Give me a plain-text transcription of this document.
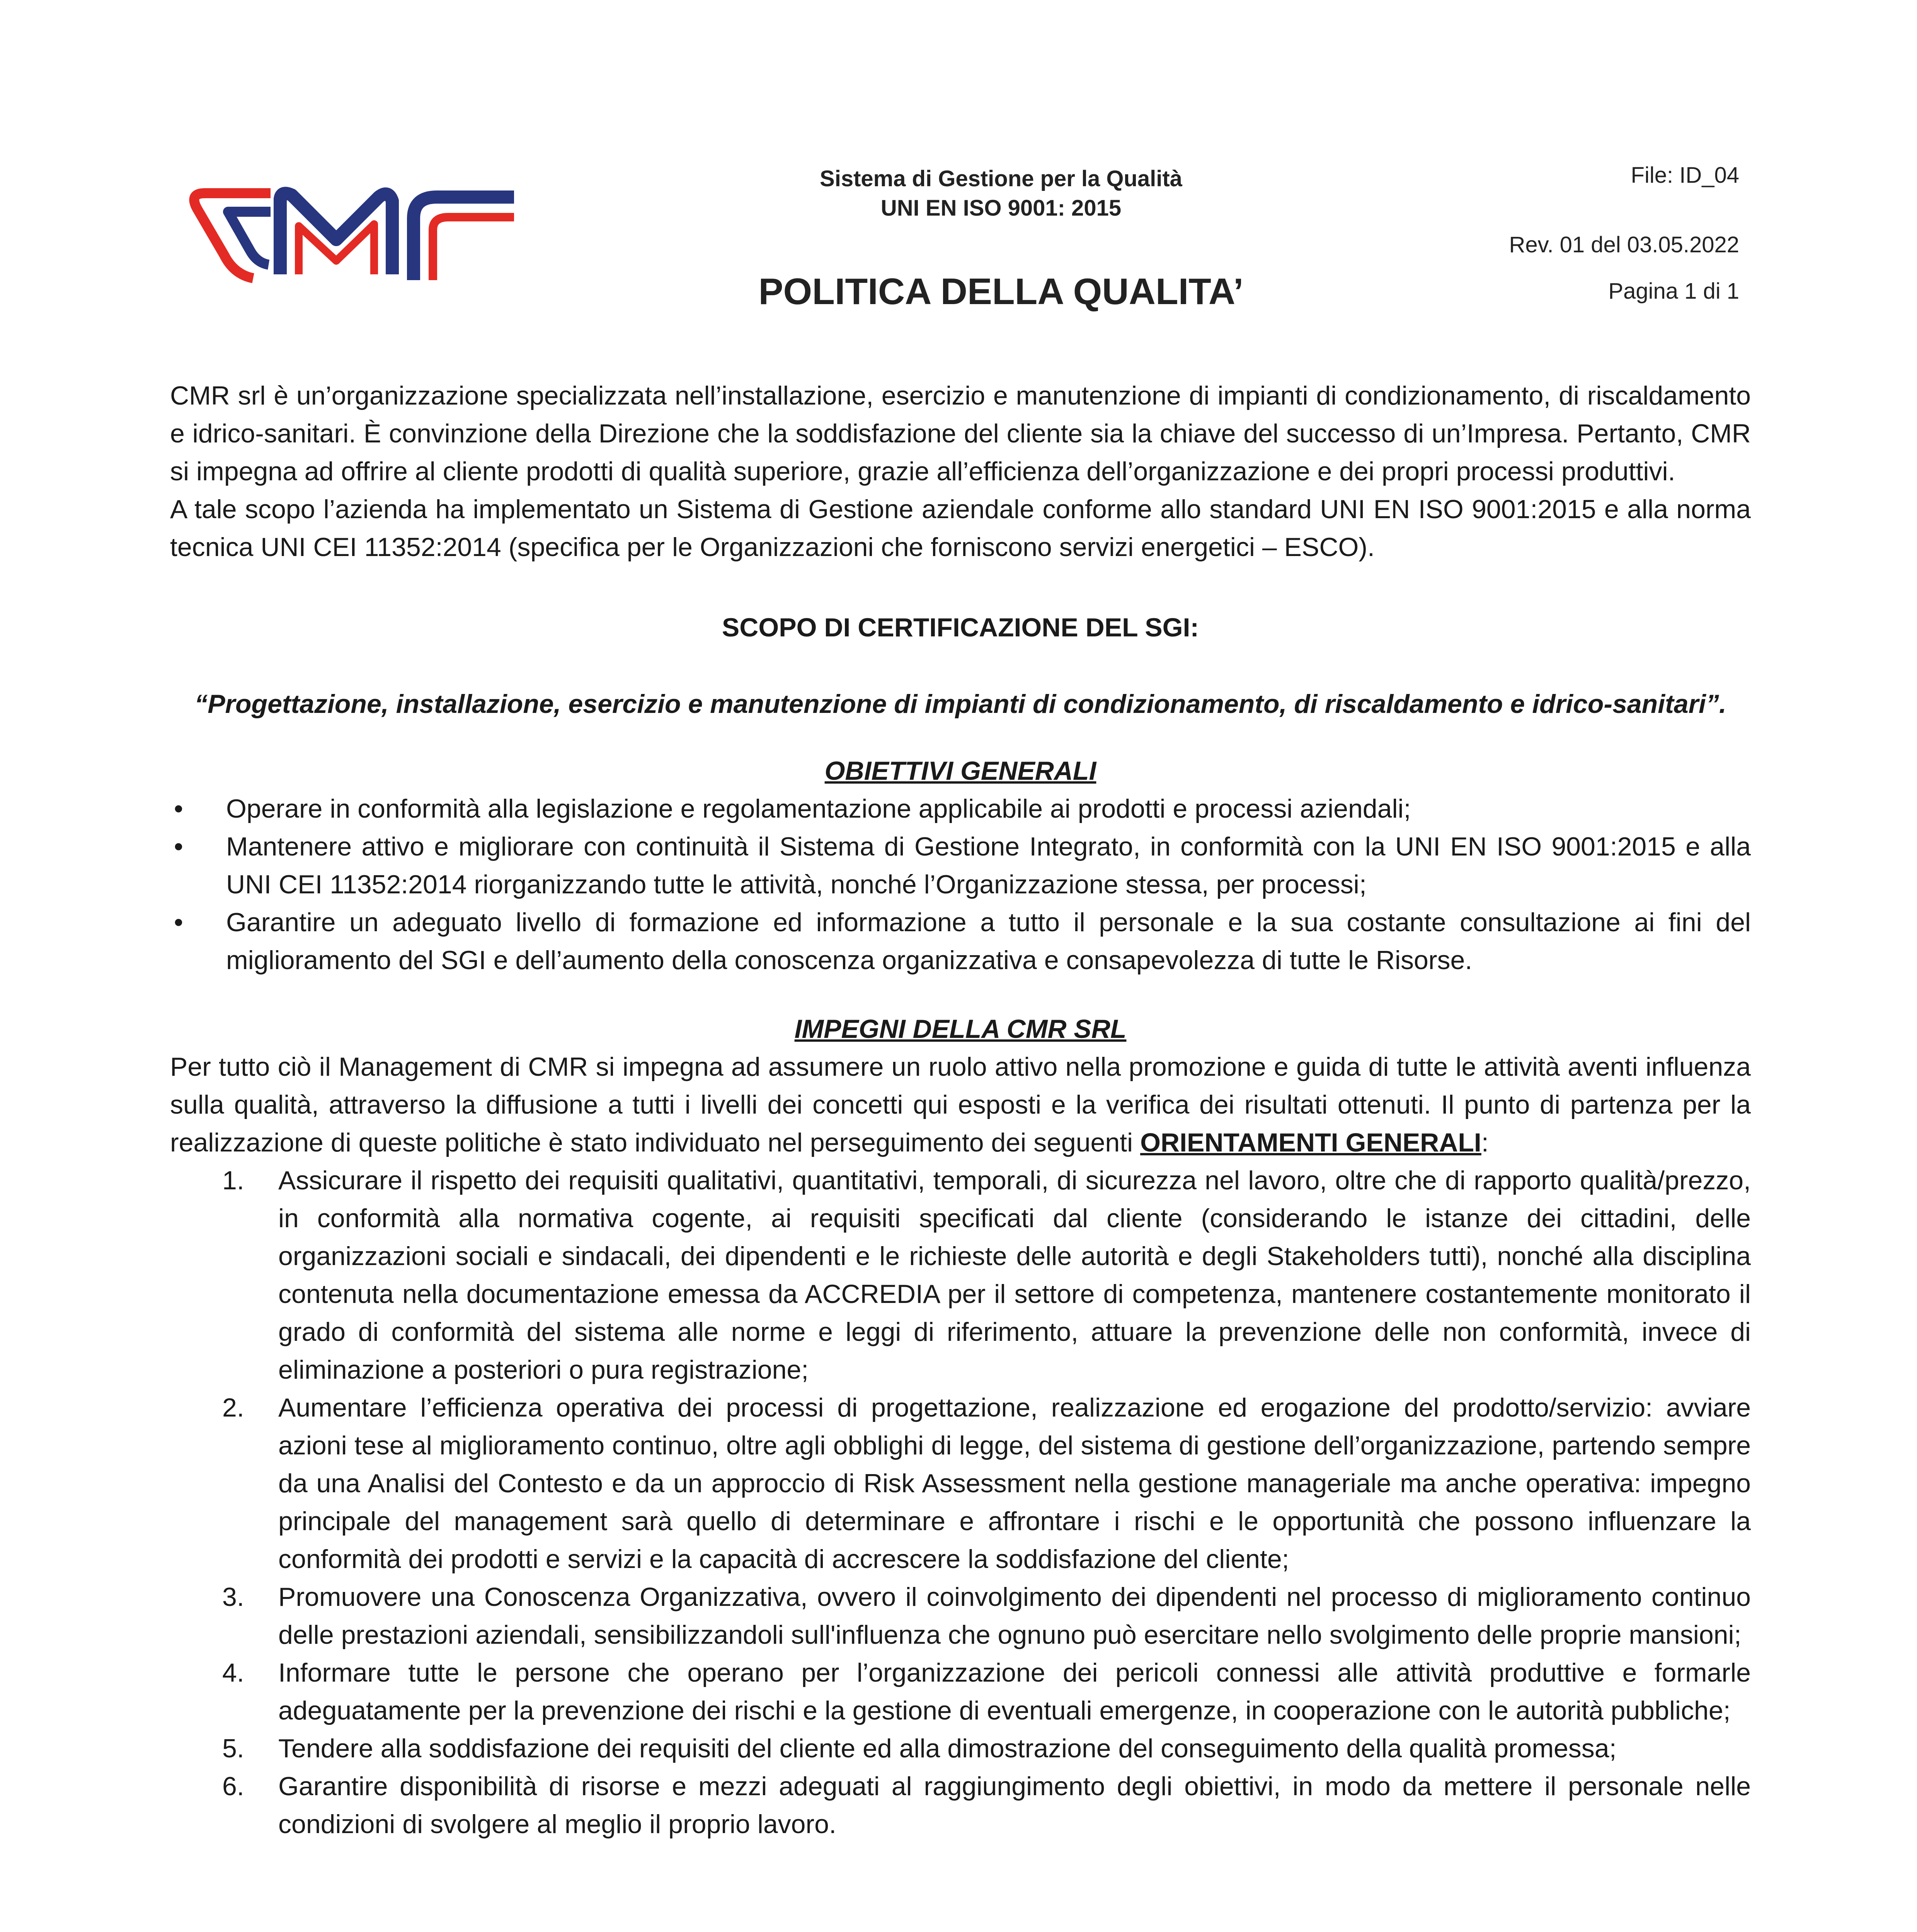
Sistema di Gestione per la Qualità
UNI EN ISO 9001: 2015
POLITICA DELLA QUALITA’
File: ID_04
Rev. 01 del 03.05.2022
Pagina 1 di 1

CMR srl è un’organizzazione specializzata nell’installazione, esercizio e manutenzione di impianti di condizionamento, di riscaldamento e idrico-sanitari. È convinzione della Direzione che la soddisfazione del cliente sia la chiave del successo di un’Impresa. Pertanto, CMR si impegna ad offrire al cliente prodotti di qualità superiore, grazie all’efficienza dell’organizzazione e dei propri processi produttivi.

A tale scopo l’azienda ha implementato un Sistema di Gestione aziendale conforme allo standard UNI EN ISO 9001:2015 e alla norma tecnica UNI CEI 11352:2014 (specifica per le Organizzazioni che forniscono servizi energetici – ESCO).

SCOPO DI CERTIFICAZIONE DEL SGI:

“Progettazione, installazione, esercizio e manutenzione di impianti di condizionamento, di riscaldamento e idrico-sanitari”.

OBIETTIVI GENERALI

• Operare in conformità alla legislazione e regolamentazione applicabile ai prodotti e processi aziendali;
• Mantenere attivo e migliorare con continuità il Sistema di Gestione Integrato, in conformità con la UNI EN ISO 9001:2015 e alla UNI CEI 11352:2014 riorganizzando tutte le attività, nonché l’Organizzazione stessa, per processi;
• Garantire un adeguato livello di formazione ed informazione a tutto il personale e la sua costante consultazione ai fini del miglioramento del SGI e dell’aumento della conoscenza organizzativa e consapevolezza di tutte le Risorse.

IMPEGNI DELLA CMR SRL

Per tutto ciò il Management di CMR si impegna ad assumere un ruolo attivo nella promozione e guida di tutte le attività aventi influenza sulla qualità, attraverso la diffusione a tutti i livelli dei concetti qui esposti e la verifica dei risultati ottenuti. Il punto di partenza per la realizzazione di queste politiche è stato individuato nel perseguimento dei seguenti ORIENTAMENTI GENERALI:

1. Assicurare il rispetto dei requisiti qualitativi, quantitativi, temporali, di sicurezza nel lavoro, oltre che di rapporto qualità/prezzo, in conformità alla normativa cogente, ai requisiti specificati dal cliente (considerando le istanze dei cittadini, delle organizzazioni sociali e sindacali, dei dipendenti e le richieste delle autorità e degli Stakeholders tutti), nonché alla disciplina contenuta nella documentazione emessa da ACCREDIA per il settore di competenza, mantenere costantemente monitorato il grado di conformità del sistema alle norme e leggi di riferimento, attuare la prevenzione delle non conformità, invece di eliminazione a posteriori o pura registrazione;
2. Aumentare l’efficienza operativa dei processi di progettazione, realizzazione ed erogazione del prodotto/servizio: avviare azioni tese al miglioramento continuo, oltre agli obblighi di legge, del sistema di gestione dell’organizzazione, partendo sempre da una Analisi del Contesto e da un approccio di Risk Assessment nella gestione manageriale ma anche operativa: impegno principale del management sarà quello di determinare e affrontare i rischi e le opportunità che possono influenzare la conformità dei prodotti e servizi e la capacità di accrescere la soddisfazione del cliente;
3. Promuovere una Conoscenza Organizzativa, ovvero il coinvolgimento dei dipendenti nel processo di miglioramento continuo delle prestazioni aziendali, sensibilizzandoli sull'influenza che ognuno può esercitare nello svolgimento delle proprie mansioni;
4. Informare tutte le persone che operano per l’organizzazione dei pericoli connessi alle attività produttive e formarle adeguatamente per la prevenzione dei rischi e la gestione di eventuali emergenze, in cooperazione con le autorità pubbliche;
5. Tendere alla soddisfazione dei requisiti del cliente ed alla dimostrazione del conseguimento della qualità promessa;
6. Garantire disponibilità di risorse e mezzi adeguati al raggiungimento degli obiettivi, in modo da mettere il personale nelle condizioni di svolgere al meglio il proprio lavoro.
